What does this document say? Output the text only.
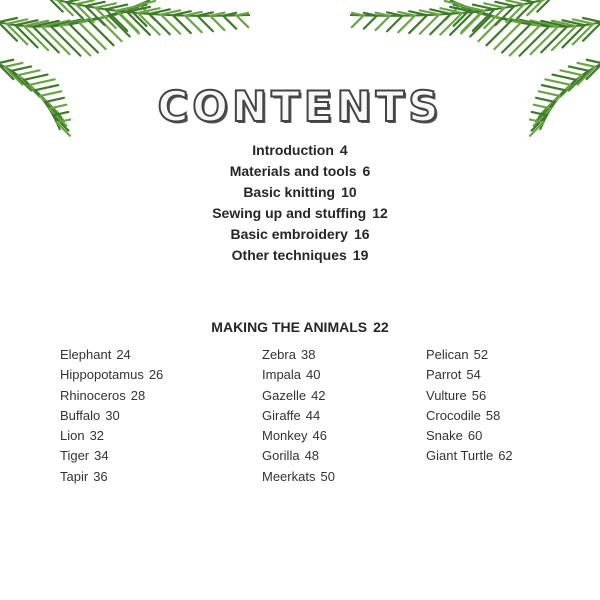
CONTENTS
Introduction 4
Materials and tools 6
Basic knitting 10
Sewing up and stuffing 12
Basic embroidery 16
Other techniques 19
MAKING THE ANIMALS 22
Elephant 24
Hippopotamus 26
Rhinoceros 28
Buffalo 30
Lion 32
Tiger 34
Tapir 36
Zebra 38
Impala 40
Gazelle 42
Giraffe 44
Monkey 46
Gorilla 48
Meerkats 50
Pelican 52
Parrot 54
Vulture 56
Crocodile 58
Snake 60
Giant Turtle 62
